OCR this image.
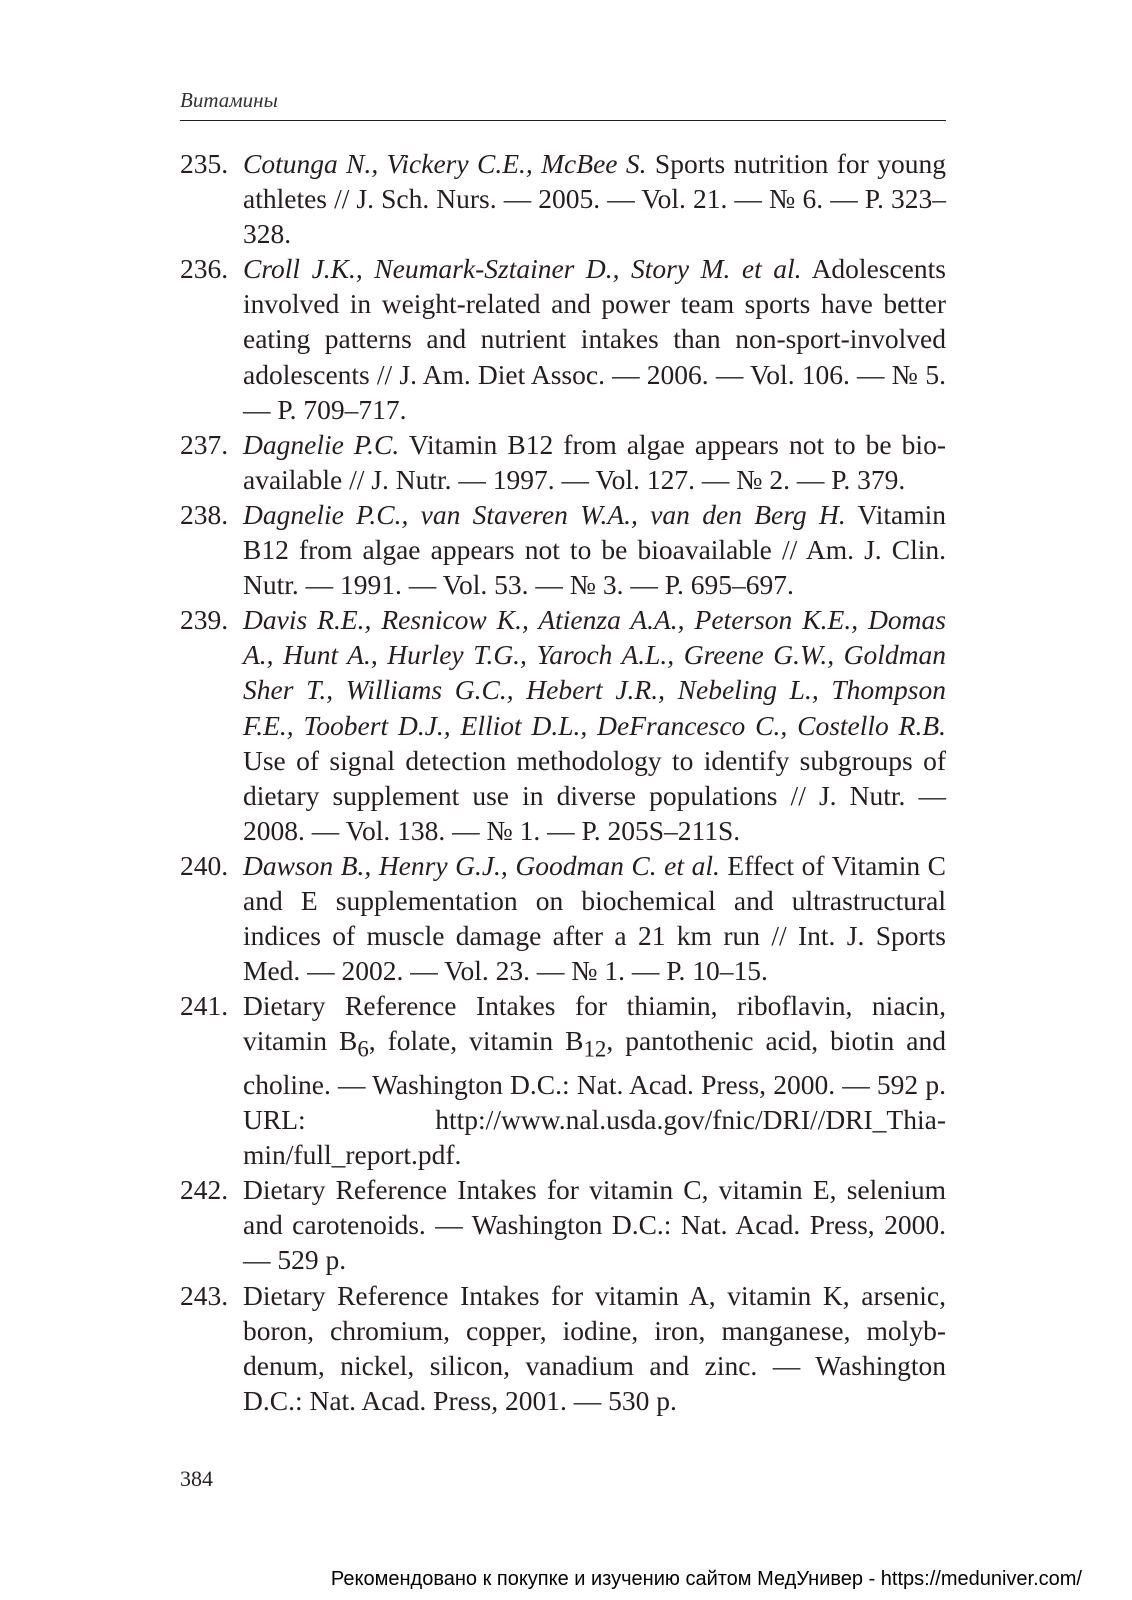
Витамины
235. Cotunga N., Vickery C.E., McBee S. Sports nutrition for young athletes // J. Sch. Nurs. — 2005. — Vol. 21. — № 6. — P. 323–328.
236. Croll J.K., Neumark-Sztainer D., Story M. et al. Adolescents involved in weight-related and power team sports have better eating patterns and nutrient intakes than non-sport-involved adolescents // J. Am. Diet Assoc. — 2006. — Vol. 106. — № 5. — P. 709–717.
237. Dagnelie P.C. Vitamin B12 from algae appears not to be bioavailable // J. Nutr. — 1997. — Vol. 127. — № 2. — P. 379.
238. Dagnelie P.C., van Staveren W.A., van den Berg H. Vitamin B12 from algae appears not to be bioavailable // Am. J. Clin. Nutr. — 1991. — Vol. 53. — № 3. — P. 695–697.
239. Davis R.E., Resnicow K., Atienza A.A., Peterson K.E., Domas A., Hunt A., Hurley T.G., Yaroch A.L., Greene G.W., Goldman Sher T., Williams G.C., Hebert J.R., Nebeling L., Thompson F.E., Toobert D.J., Elliot D.L., DeFrancesco C., Costello R.B. Use of signal detection methodology to identify subgroups of dietary supplement use in diverse populations // J. Nutr. — 2008. — Vol. 138. — № 1. — P. 205S–211S.
240. Dawson B., Henry G.J., Goodman C. et al. Effect of Vitamin C and E supplementation on biochemical and ultrastructural indices of muscle damage after a 21 km run // Int. J. Sports Med. — 2002. — Vol. 23. — № 1. — P. 10–15.
241. Dietary Reference Intakes for thiamin, riboflavin, niacin, vitamin $B_6$, folate, vitamin $B_{12}$, pantothenic acid, biotin and choline. — Washington D.C.: Nat. Acad. Press, 2000. — 592 p. URL: http://www.nal.usda.gov/fnic/DRI//DRI_Thiamin/full_report.pdf.
242. Dietary Reference Intakes for vitamin C, vitamin E, selenium and carotenoids. — Washington D.C.: Nat. Acad. Press, 2000. — 529 p.
243. Dietary Reference Intakes for vitamin A, vitamin K, arsenic, boron, chromium, copper, iodine, iron, manganese, molybdenum, nickel, silicon, vanadium and zinc. — Washington D.C.: Nat. Acad. Press, 2001. — 530 p.
384
Рекомендовано к покупке и изучению сайтом МедУнивер - https://meduniver.com/
